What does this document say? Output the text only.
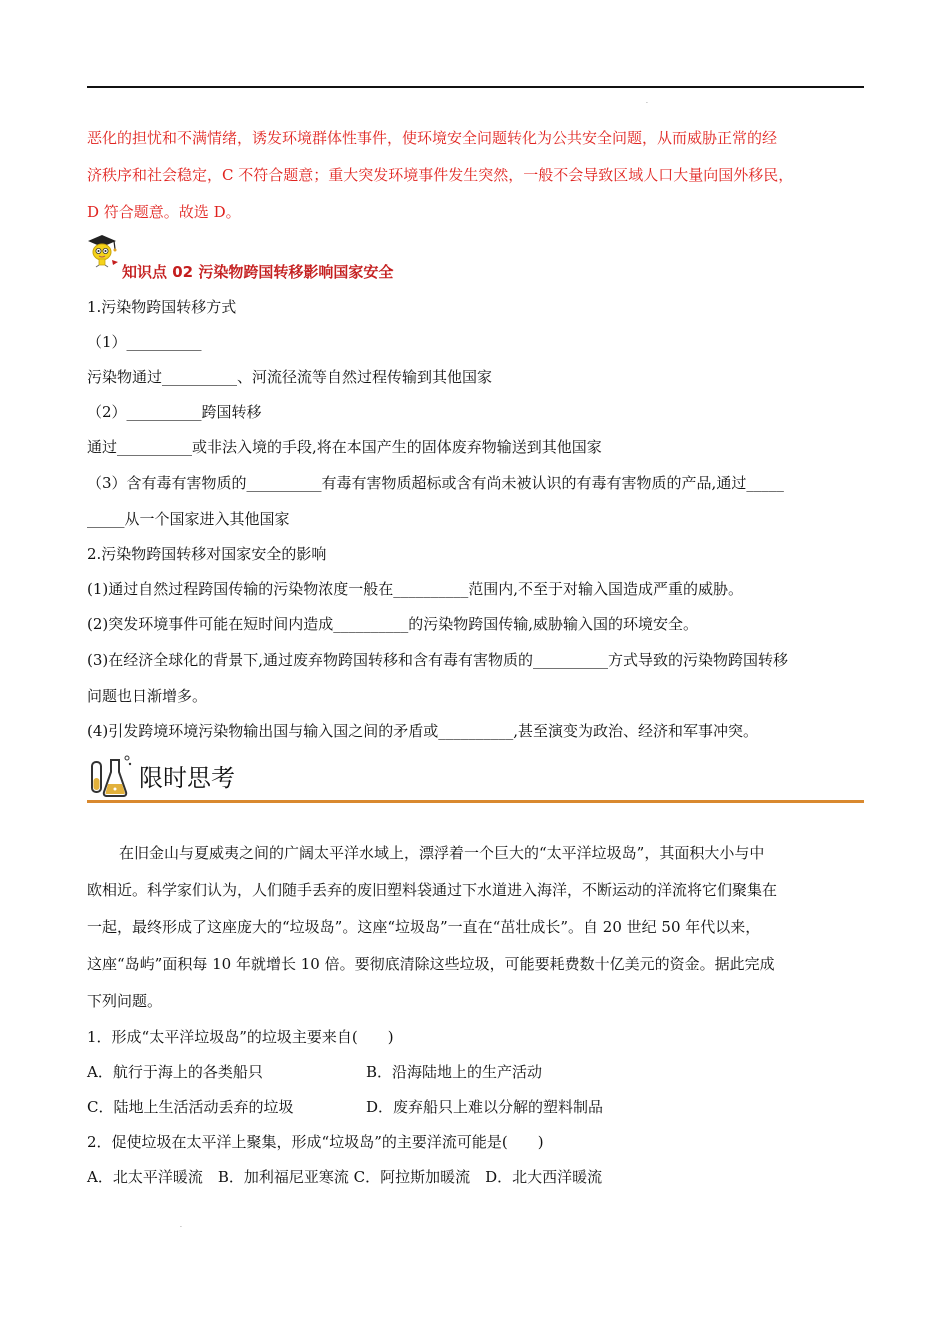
.
恶化的担忧和不满情绪，诱发环境群体性事件，使环境安全问题转化为公共安全问题，从而威胁正常的经
济秩序和社会稳定，C 不符合题意；重大突发环境事件发生突然，一般不会导致区域人口大量向国外移民，
D 符合题意。故选 D。
知识点 02 污染物跨国转移影响国家安全
1.污染物跨国转移方式
（1）__________
污染物通过__________、河流径流等自然过程传输到其他国家
（2）__________跨国转移
通过__________或非法入境的手段,将在本国产生的固体废弃物输送到其他国家
（3）含有毒有害物质的__________有毒有害物质超标或含有尚未被认识的有毒有害物质的产品,通过_____
_____从一个国家进入其他国家
2.污染物跨国转移对国家安全的影响
(1)通过自然过程跨国传输的污染物浓度一般在__________范围内,不至于对输入国造成严重的威胁。
(2)突发环境事件可能在短时间内造成__________的污染物跨国传输,威胁输入国的环境安全。
(3)在经济全球化的背景下,通过废弃物跨国转移和含有毒有害物质的__________方式导致的污染物跨国转移
问题也日渐增多。
(4)引发跨境环境污染物输出国与输入国之间的矛盾或__________,甚至演变为政治、经济和军事冲突。
限时思考
在旧金山与夏威夷之间的广阔太平洋水域上，漂浮着一个巨大的“太平洋垃圾岛”，其面积大小与中
欧相近。科学家们认为，人们随手丢弃的废旧塑料袋通过下水道进入海洋，不断运动的洋流将它们聚集在
一起，最终形成了这座庞大的“垃圾岛”。这座“垃圾岛”一直在“茁壮成长”。自 20 世纪 50 年代以来，
这座“岛屿”面积每 10 年就增长 10 倍。要彻底清除这些垃圾，可能要耗费数十亿美元的资金。据此完成
下列问题。
1．形成“太平洋垃圾岛”的垃圾主要来自(　　)
A．航行于海上的各类船只	B．沿海陆地上的生产活动
C．陆地上生活活动丢弃的垃圾	D．废弃船只上难以分解的塑料制品
2．促使垃圾在太平洋上聚集，形成“垃圾岛”的主要洋流可能是(　　)
A．北太平洋暖流　B．加利福尼亚寒流 C．阿拉斯加暖流　D．北大西洋暖流
.
